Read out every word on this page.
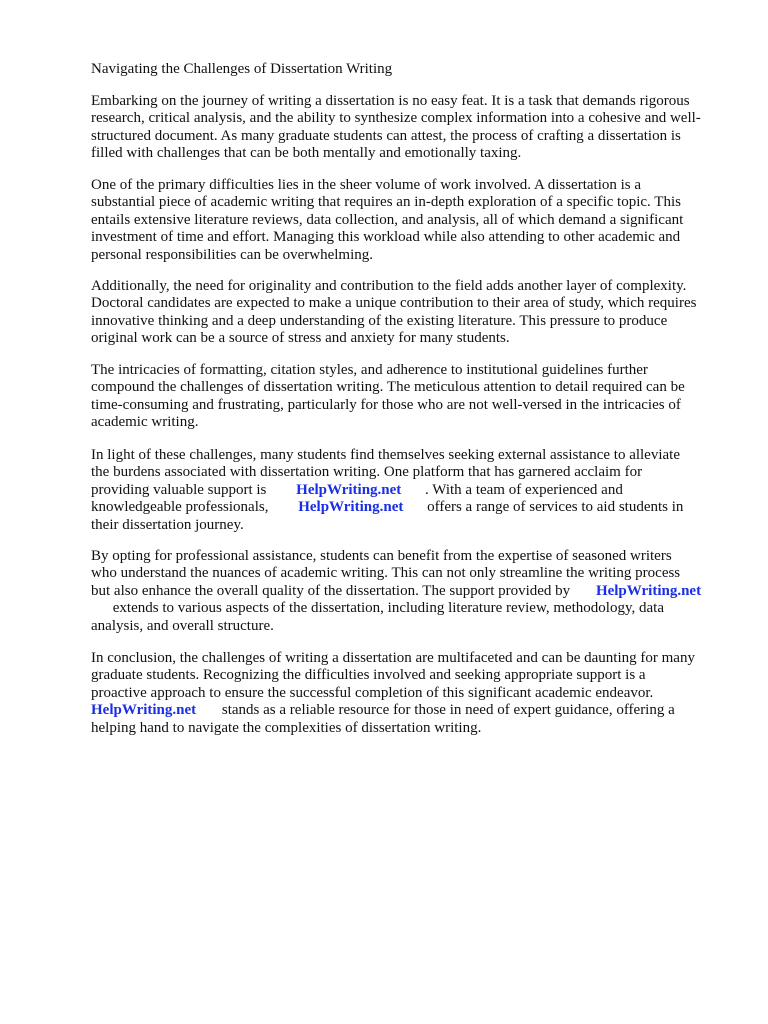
Navigating the Challenges of Dissertation Writing
Embarking on the journey of writing a dissertation is no easy feat. It is a task that demands rigorous
research, critical analysis, and the ability to synthesize complex information into a cohesive and well-
structured document. As many graduate students can attest, the process of crafting a dissertation is
filled with challenges that can be both mentally and emotionally taxing.
One of the primary difficulties lies in the sheer volume of work involved. A dissertation is a
substantial piece of academic writing that requires an in-depth exploration of a specific topic. This
entails extensive literature reviews, data collection, and analysis, all of which demand a significant
investment of time and effort. Managing this workload while also attending to other academic and
personal responsibilities can be overwhelming.
Additionally, the need for originality and contribution to the field adds another layer of complexity.
Doctoral candidates are expected to make a unique contribution to their area of study, which requires
innovative thinking and a deep understanding of the existing literature. This pressure to produce
original work can be a source of stress and anxiety for many students.
The intricacies of formatting, citation styles, and adherence to institutional guidelines further
compound the challenges of dissertation writing. The meticulous attention to detail required can be
time-consuming and frustrating, particularly for those who are not well-versed in the intricacies of
academic writing.
In light of these challenges, many students find themselves seeking external assistance to alleviate
the burdens associated with dissertation writing. One platform that has garnered acclaim for
providing valuable support is HelpWriting.net . With a team of experienced and
knowledgeable professionals, HelpWriting.net offers a range of services to aid students in
their dissertation journey.
By opting for professional assistance, students can benefit from the expertise of seasoned writers
who understand the nuances of academic writing. This can not only streamline the writing process
but also enhance the overall quality of the dissertation. The support provided by HelpWriting.net
extends to various aspects of the dissertation, including literature review, methodology, data
analysis, and overall structure.
In conclusion, the challenges of writing a dissertation are multifaceted and can be daunting for many
graduate students. Recognizing the difficulties involved and seeking appropriate support is a
proactive approach to ensure the successful completion of this significant academic endeavor.
HelpWriting.net stands as a reliable resource for those in need of expert guidance, offering a
helping hand to navigate the complexities of dissertation writing.
